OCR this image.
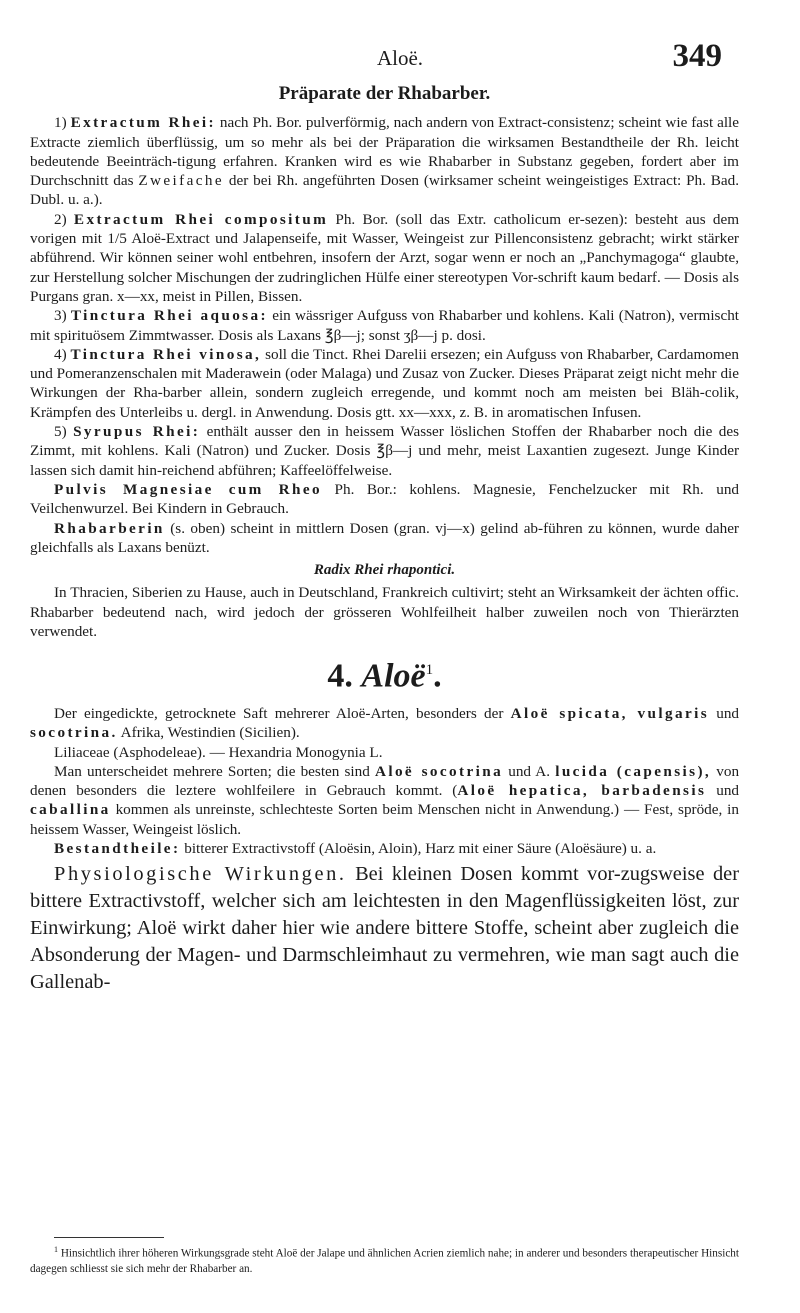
Aloë.	349
Präparate der Rhabarber.

1) Extractum Rhei: nach Ph. Bor. pulverförmig, nach andern von Extract-consistenz; scheint wie fast alle Extracte ziemlich überflüssig, um so mehr als bei der Präparation die wirksamen Bestandtheile der Rh. leicht bedeutende Beeinträch-tigung erfahren. Kranken wird es wie Rhabarber in Substanz gegeben, fordert aber im Durchschnitt das Zweifache der bei Rh. angeführten Dosen (wirksamer scheint weingeistiges Extract: Ph. Bad. Dubl. u. a.).

2) Extractum Rhei compositum Ph. Bor. (soll das Extr. catholicum er-sezen): besteht aus dem vorigen mit 1/5 Aloë-Extract und Jalapenseife, mit Wasser, Weingeist zur Pillenconsistenz gebracht; wirkt stärker abführend. Wir können seiner wohl entbehren, insofern der Arzt, sogar wenn er noch an „Panchymagoga“ glaubte, zur Herstellung solcher Mischungen der zudringlichen Hülfe einer stereotypen Vor-schrift kaum bedarf. — Dosis als Purgans gran. x—xx, meist in Pillen, Bissen.

3) Tinctura Rhei aquosa: ein wässriger Aufguss von Rhabarber und kohlens. Kali (Natron), vermischt mit spirituösem Zimmtwasser. Dosis als Laxans ℥β—j; sonst ʒβ—j p. dosi.

4) Tinctura Rhei vinosa, soll die Tinct. Rhei Darelii ersezen; ein Aufguss von Rhabarber, Cardamomen und Pomeranzenschalen mit Maderawein (oder Malaga) und Zusaz von Zucker. Dieses Präparat zeigt nicht mehr die Wirkungen der Rha-barber allein, sondern zugleich erregende, und kommt noch am meisten bei Bläh-colik, Krämpfen des Unterleibs u. dergl. in Anwendung. Dosis gtt. xx—xxx, z. B. in aromatischen Infusen.

5) Syrupus Rhei: enthält ausser den in heissem Wasser löslichen Stoffen der Rhabarber noch die des Zimmt, mit kohlens. Kali (Natron) und Zucker. Dosis ℥β—j und mehr, meist Laxantien zugesezt. Junge Kinder lassen sich damit hin-reichend abführen; Kaffeelöffelweise.

Pulvis Magnesiae cum Rheo Ph. Bor.: kohlens. Magnesie, Fenchelzucker mit Rh. und Veilchenwurzel. Bei Kindern in Gebrauch.

Rhabarberin (s. oben) scheint in mittlern Dosen (gran. vj—x) gelind ab-führen zu können, wurde daher gleichfalls als Laxans benüzt.

Radix Rhei rhapontici.

In Thracien, Siberien zu Hause, auch in Deutschland, Frankreich cultivirt; steht an Wirksamkeit der ächten offic. Rhabarber bedeutend nach, wird jedoch der grösseren Wohlfeilheit halber zuweilen noch von Thierärzten verwendet.

4. Aloë$^1$.

Der eingedickte, getrocknete Saft mehrerer Aloë-Arten, besonders der Aloë spicata, vulgaris und socotrina. Afrika, Westindien (Sicilien).

Liliaceae (Asphodeleae). — Hexandria Monogynia L.

Man unterscheidet mehrere Sorten; die besten sind Aloë socotrina und A. lucida (capensis), von denen besonders die leztere wohlfeilere in Gebrauch kommt. (Aloë hepatica, barbadensis und caballina kommen als unreinste, schlechteste Sorten beim Menschen nicht in Anwendung.) — Fest, spröde, in heissem Wasser, Weingeist löslich.

Bestandtheile: bitterer Extractivstoff (Aloësin, Aloin), Harz mit einer Säure (Aloësäure) u. a.

Physiologische Wirkungen. Bei kleinen Dosen kommt vor-zugsweise der bittere Extractivstoff, welcher sich am leichtesten in den Magenflüssigkeiten löst, zur Einwirkung; Aloë wirkt daher hier wie andere bittere Stoffe, scheint aber zugleich die Absonderung der Magen- und Darmschleimhaut zu vermehren, wie man sagt auch die Gallenab-

$^1$ Hinsichtlich ihrer höheren Wirkungsgrade steht Aloë der Jalape und ähnlichen Acrien ziemlich nahe; in anderer und besonders therapeutischer Hinsicht dagegen schliesst sie sich mehr der Rhabarber an.
